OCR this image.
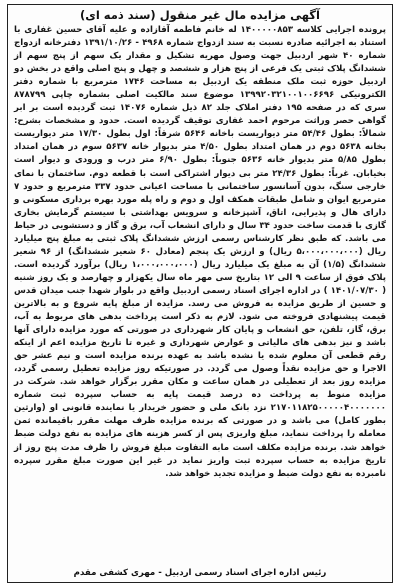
آگهی مزایده مال غیر منقول (سند ذمه ای)

پرونده اجرایی کلاسه ۱۴۰۰۰۰۰۸۵۳ له خانم فاطمه آقازاده و علیه آقای حسین غفاری با استناد به اجرائیه صادره نسبت به سند ازدواج شماره ۴۹۶۸ - ۱۳۹۱/۱۰/۲۶ دفترخانه ازدواج شماره ۴۰ شهر اردبیل جهت وصول مهریه تشکیل و مقدار یک سهم از پنج سهم از ششدانگ پلاک ثبتی یک فرعی از پنج هزار و ششصد و چهل و پنج اصلی واقع در بخش دو اردبیل حوزه ثبت ملک منطقه یک اردبیل به مساحت ۱۷۴۶ مترمربع با شماره دفتر الکترونیکی ۱۳۹۹۲۰۳۲۱۰۰۱۰۰۶۶۹۶ موضوع سند مالکیت اصلی بشماره چاپی ۸۷۸۷۹۹ سری که در صفحه ۱۹۵ دفتر املاک جلد ۸۲ ذیل شماره ۱۴۰۷۶ ثبت گردیده است بر ابر گواهی حصر وراثت مرحوم احمد غفاری توقیف گردیده است. حدود و مشخصات بشرح: شمالاً: بطول ۵۴/۴۶ متر دیواریست باخانه ۵۶۴۶ شرقاً: اول بطول ۱۷/۳۰ متر دیواریست بخانه ۵۶۳۸ دوم در همان امتداد بطول ۴/۵۰ متر بدیوار خانه ۵۶۳۷ سوم در همان امتداد بطول ۵/۸۵ متر بدیوار خانه ۵۶۳۶ جنوباً: بطول ۶/۹۰ متر درب و ورودی و دیوار است بخیابان. غرباً: بطول ۲۴/۳۶ متر بی دیوار اشتراکی است با قطعه دوم. ساختمان با نمای خارجی سنگ، بدون آسانسور ساختمانی با مساحت اعیانی حدود ۳۳۷ مترمربع و حدود ۷ مترمربع ایوان و شامل طبقات همکف اول و دوم و راه پله مورد بهره برداری مسکونی و دارای هال و پذیرایی، اتاق، آشپزخانه و سرویس بهداشتی با سیستم گرمایش بخاری گازی با قدمت ساخت حدود ۳۴ سال و دارای انشعاب آب، برق و گاز و دستشویی در حیاط می باشد. که طبق نظر کارشناس رسمی ارزش ششدانگ پلاک ثبتی به مبلغ پنج میلیارد ریال (۵،۰۰۰،۰۰۰،۰۰۰ ریال) و ارزش یک پنجم (معادل ۶۰ شعیر ششدانگ) از ۹۶ شعیر ششدانگ (۱/۵) آن به مبلغ یک میلیارد ریال (۱،۰۰۰،۰۰۰،۰۰۰ ریال) برآورد گردیده است. پلاک فوق از ساعت ۹ الی ۱۲ بتاریخ سی مهر ماه سال یکهزار و چهارصد و یک روز شنبه ( ۱۴۰۱/۰۷/۳۰ ) در اداره اجرای اسناد رسمی اردبیل واقع در بلوار شهدا جنب میدان قدس و حسین از طریق مزایده به فروش می رسد. مزایده از مبلغ پایه شروع و به بالاترین قیمت پیشنهادی فروخته می شود. لازم به ذکر است پرداخت بدهی های مربوط به آب، برق، گاز، تلفن، حق انشعاب و پایان کار شهرداری در صورتی که مورد مزایده دارای آنها باشد و نیز بدهی های مالیاتی و عوارض شهرداری و غیره تا تاریخ مزایده اعم از اینکه رقم قطعی آن معلوم شده یا نشده باشد به عهده برنده مزایده است و نیم عشر حق الاجرا و حق مزایده نقداً وصول می گردد. در صورتیکه روز مزایده تعطیل رسمی گردد، مزایده روز بعد از تعطیلی در همان ساعت و مکان مقرر برگزار خواهد شد. شرکت در مزایده منوط به پرداخت ده درصد قیمت پایه به حساب سپرده ثبت شماره ۲۱۷۰۱۱۸۲۵۰۰۰۰۰۴۰۰۰۰۰۰۰ نزد بانک ملی و حضور خریدار یا نماینده قانونی او (وارثین بطور کامل) می باشد و در صورتی که برنده مزایده ظرف مهلت مقرر باقیمانده ثمن معامله را پرداخت ننماید، مبلغ واریزی پس از کسر هزینه های مزایده به نفع دولت ضبط خواهد شد. برنده مزایده مکلف است مابه التفاوت مبلغ فروش را ظرف مدت پنج روز از تاریخ مزایده به حساب سپرده ثبت واریز نماید در غیر این صورت مبلغ مقرر سپرده نامبرده به نفع دولت ضبط و مزایده تجدید خواهد شد.

رئیس اداره اجرای اسناد رسمی اردبیل - مهری کشفی مقدم
